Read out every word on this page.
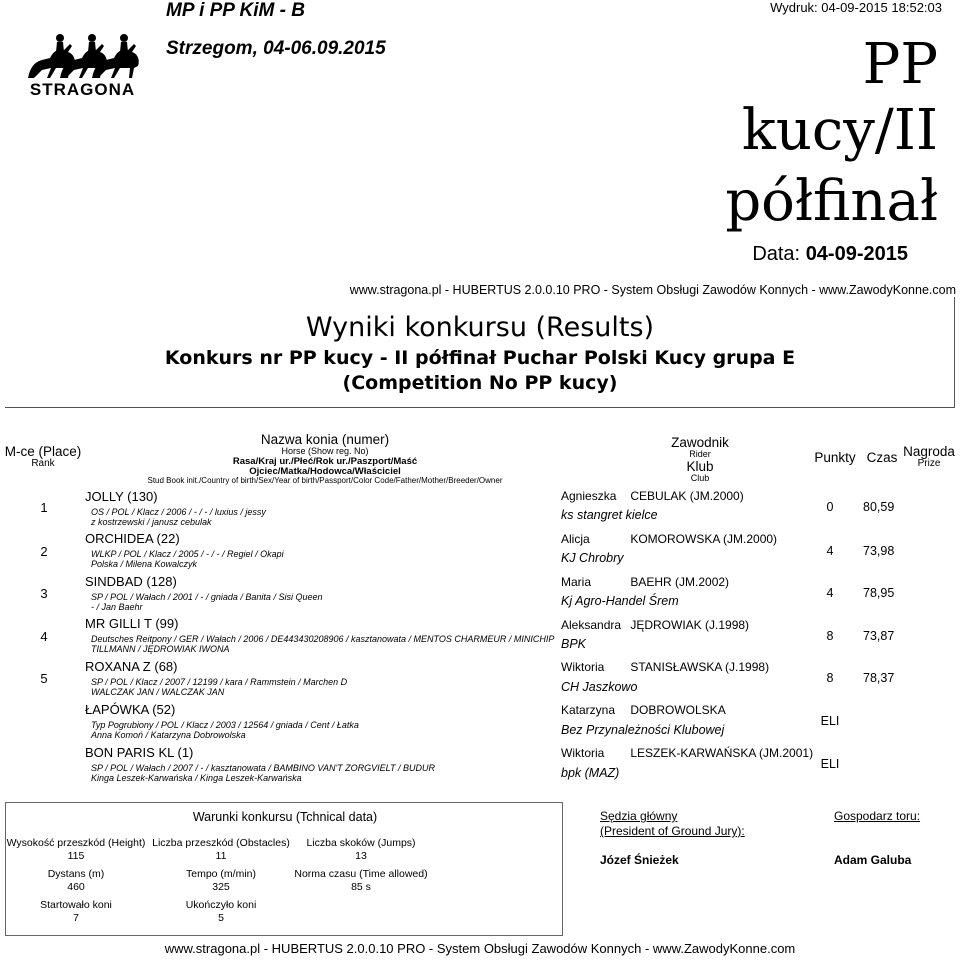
STRAGONA
MP i PP KiM - B
Strzegom, 04-06.09.2015
Wydruk: 04-09-2015 18:52:03
PP
kucy/II
półfinał
Data: 04-09-2015
www.stragona.pl - HUBERTUS 2.0.0.10 PRO - System Obsługi Zawodów Konnych - www.ZawodyKonne.com
Wyniki konkursu (Results)
Konkurs nr PP kucy - II półfinał Puchar Polski Kucy grupa E
(Competition No PP kucy)
M-ce (Place)
Rank
Nazwa konia (numer)
Horse (Show reg. No)
Rasa/Kraj ur./Płeć/Rok ur./Paszport/Maść
Ojciec/Matka/Hodowca/Właściciel
Stud Book init./Country of birth/Sex/Year of birth/Passport/Color Code/Father/Mother/Breeder/Owner
Zawodnik
Rider
Klub
Club
Punkty Czas Nagroda
Prize
1
JOLLY (130)
OS / POL / Klacz / 2006 / - / - / luxius / jessy
z kostrzewski / janusz cebulak
Agnieszka CEBULAK (JM.2000)
ks stangret kielce
0	80,59
2
ORCHIDEA (22)
WLKP / POL / Klacz / 2005 / - / - / Regiel / Okapi
Polska / Milena Kowalczyk
Alicja	KOMOROWSKA (JM.2000)
KJ Chrobry	4	73,98
3
SINDBAD (128)
SP / POL / Wałach / 2001 / - / gniada / Banita / Sisi Queen
- / Jan Baehr
Maria	BAEHR (JM.2002)
Kj Agro-Handel Śrem
4	78,95
4
MR GILLI T (99)
Deutsches Reitpony / GER / Wałach / 2006 / DE443430208906 / kasztanowata / MENTOS CHARMEUR / MINICHIP
TILLMANN / JĘDROWIAK IWONA
Aleksandra JĘDROWIAK (J.1998)
BPK
8	73,87
5
ROXANA Z (68)
SP / POL / Klacz / 2007 / 12199 / kara / Rammstein / Marchen D
WALCZAK JAN / WALCZAK JAN
Wiktoria STANISŁAWSKA (J.1998)
CH Jaszkowo
8	78,37
ŁAPÓWKA (52)
Typ Pogrubiony / POL / Klacz / 2003 / 12564 / gniada / Cent / Łatka
Anna Komoń / Katarzyna Dobrowolska
Katarzyna DOBROWOLSKA
Bez Przynależności Klubowej
ELI
BON PARIS KL (1)
SP / POL / Wałach / 2007 / - / kasztanowata / BAMBINO VAN'T ZORGVIELT / BUDUR
Kinga Leszek-Karwańska / Kinga Leszek-Karwańska
Wiktoria LESZEK-KARWAŃSKA (JM.2001)
bpk (MAZ)
ELI
Warunki konkursu (Tchnical data)
Wysokość przeszkód (Height)
115
Liczba przeszkód (Obstacles)
11
Liczba skoków (Jumps)
13
Dystans (m)
460
Tempo (m/min)
325
Norma czasu (Time allowed)
85 s
Startowało koni
7
Ukończyło koni
5
Sędzia główny
(President of Ground Jury):
Józef Śnieżek
Gospodarz toru:
Adam Galuba
www.stragona.pl - HUBERTUS 2.0.0.10 PRO - System Obsługi Zawodów Konnych - www.ZawodyKonne.com
